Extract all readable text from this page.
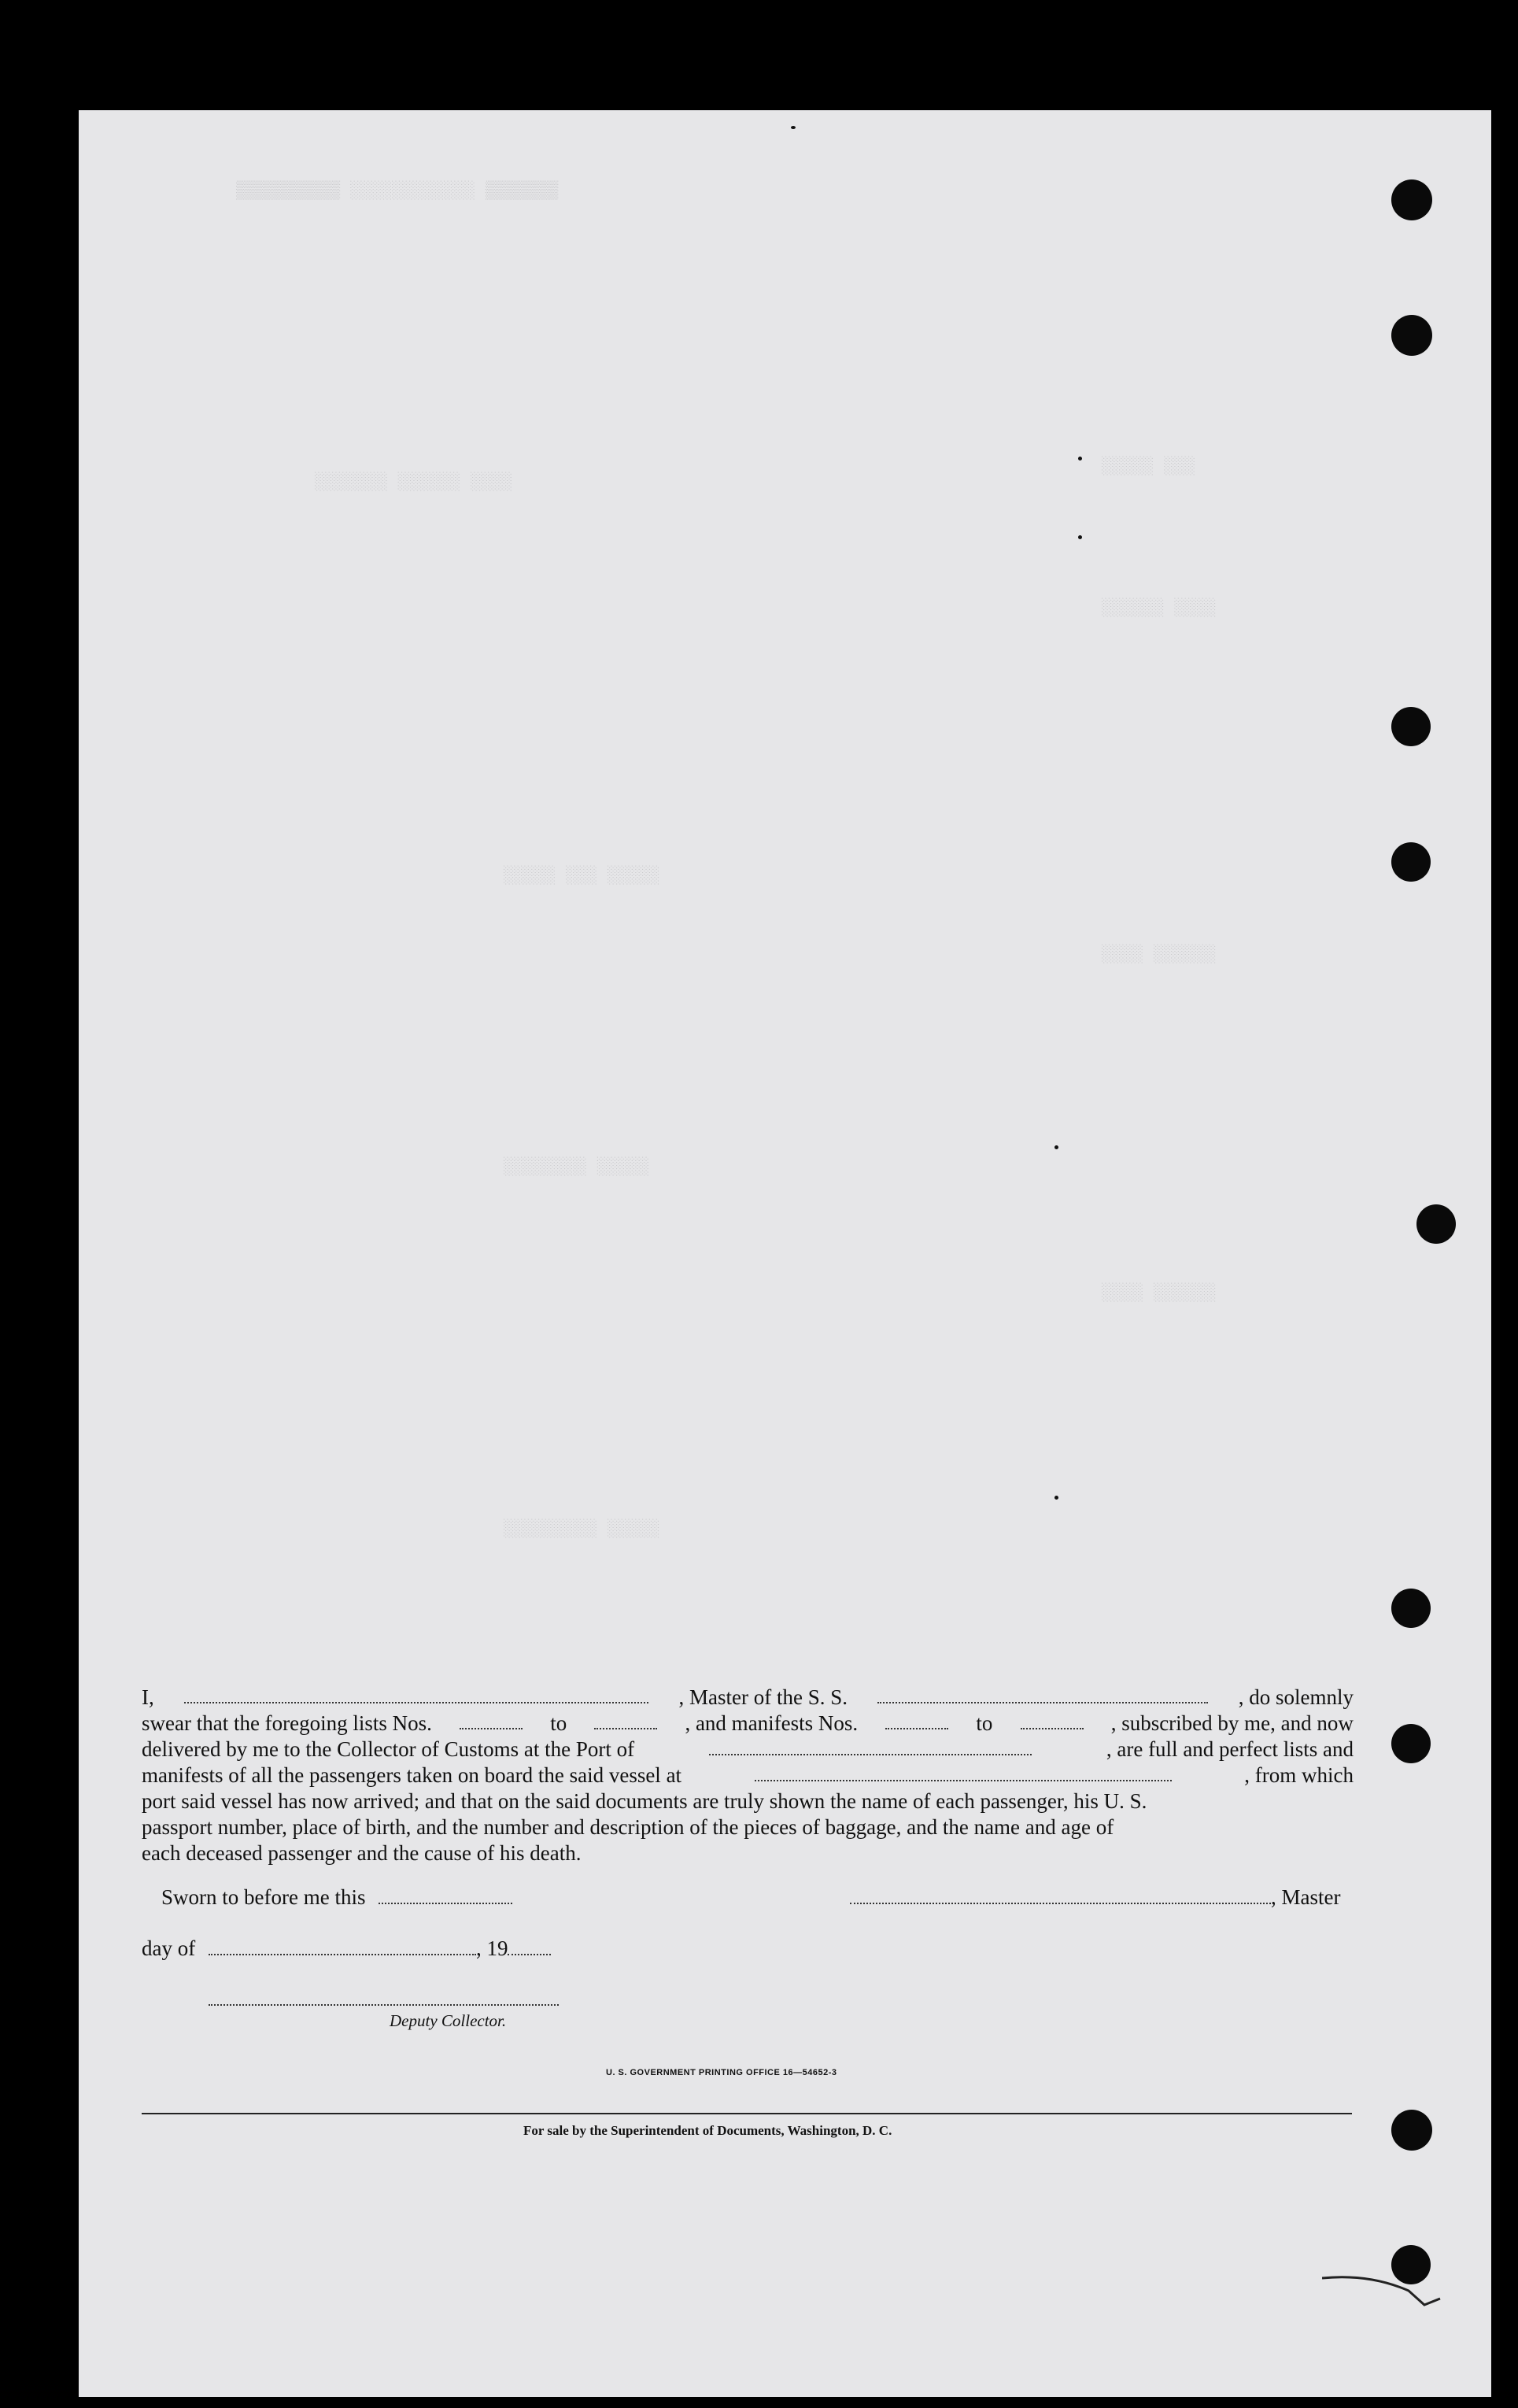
▒▒▒▒▒▒▒▒▒▒ ░░░░░░░░░░░░ ▒▒▒▒▒▒▒
░░░░░░░ ░░░░░░ ░░░░
░░░░░ ░░░
░░░░░░ ░░░░
░░░░░ ░░░ ░░░░░
░░░░ ░░░░░░
░░░░░░░░ ░░░░░
░░░░ ░░░░░░
░░░░░░░░░ ░░░░░
I,	, Master of the S. S.	, do solemnly
swear that the foregoing lists Nos.	to	, and manifests Nos.	to	, subscribed by me, and now
delivered by me to the Collector of Customs at the Port of	, are full and perfect lists and
manifests of all the passengers taken on board the said vessel at	, from which
port said vessel has now arrived; and that on the said documents are truly shown the name of each passenger, his U. S.
passport number, place of birth, and the number and description of the pieces of baggage, and the name and age of
each deceased passenger and the cause of his death.
Sworn to before me this	, Master
day of	, 19
Deputy Collector.
U. S. GOVERNMENT PRINTING OFFICE 16—54652-3
For sale by the Superintendent of Documents, Washington, D. C.
